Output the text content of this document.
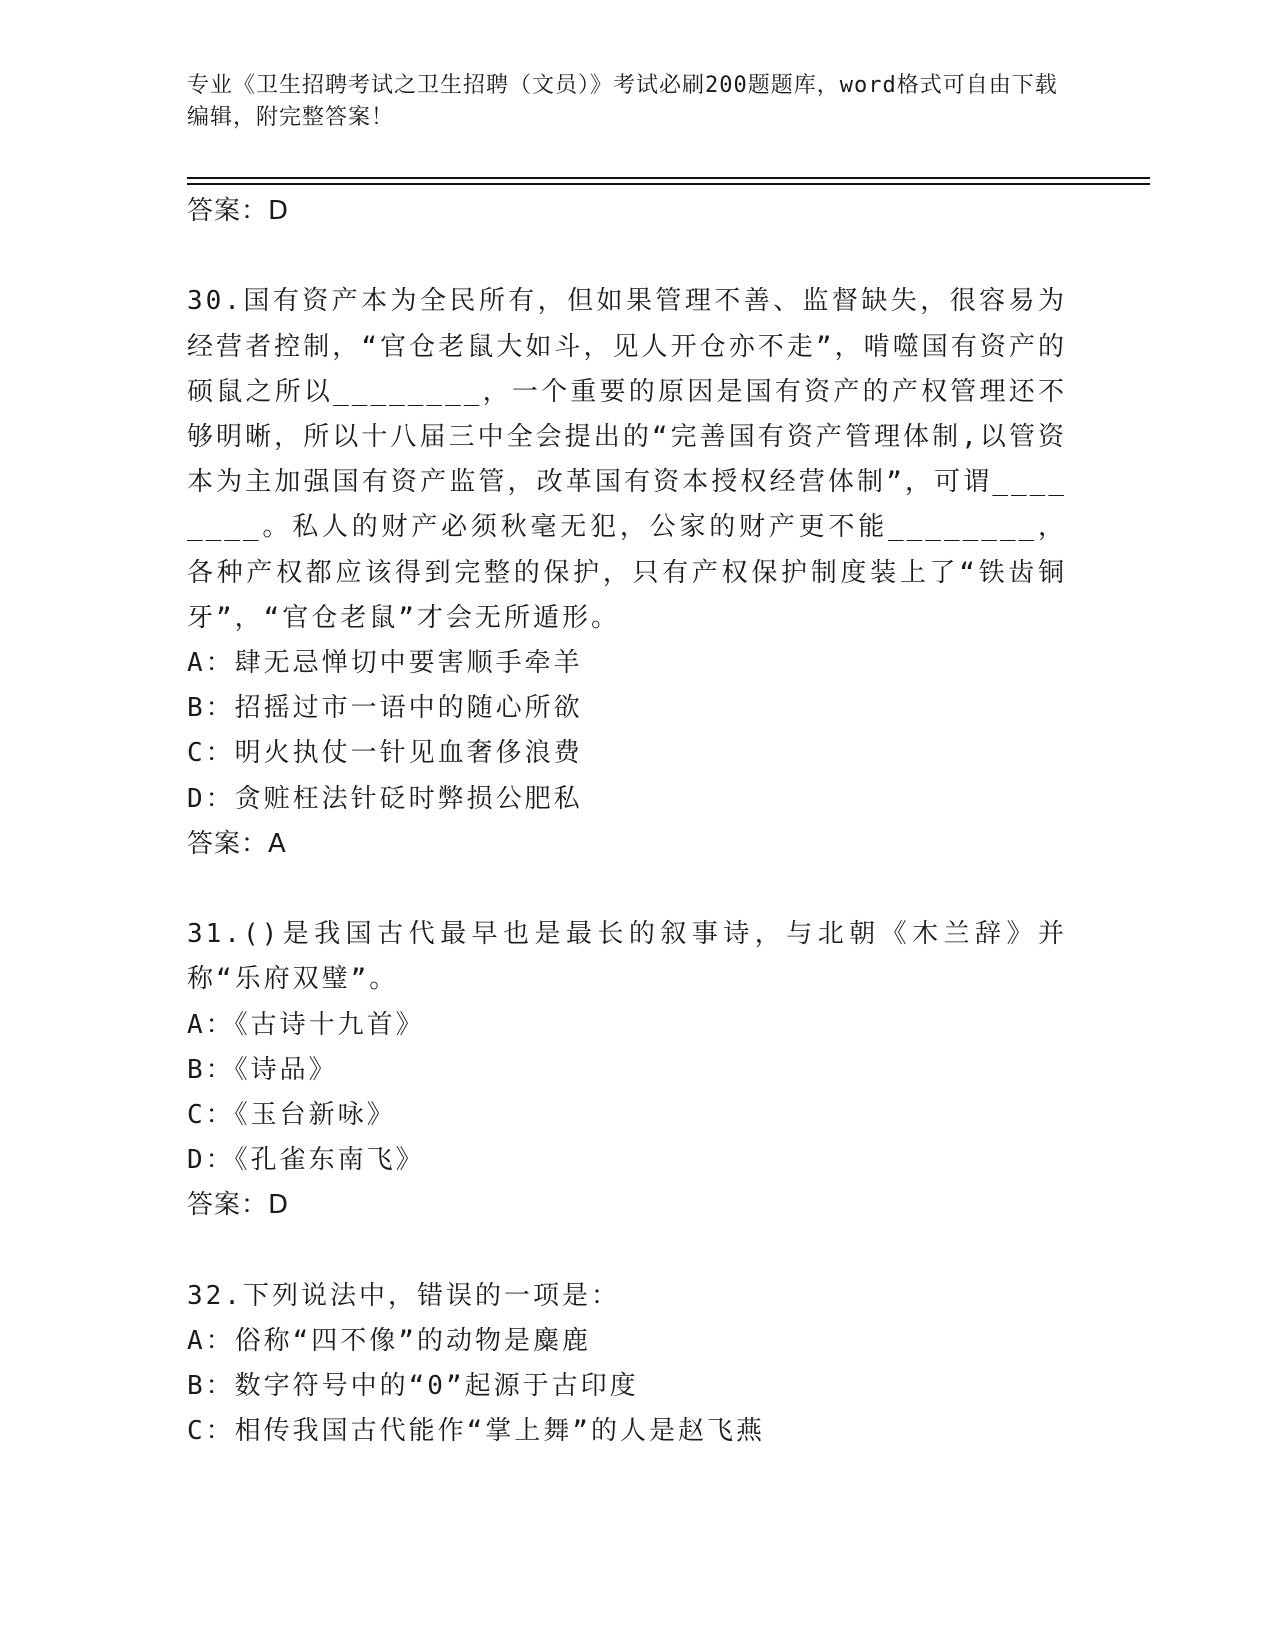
专业《卫生招聘考试之卫生招聘（文员）》考试必刷200题题库，word格式可自由下载编辑，附完整答案！
答案：D
30.国有资产本为全民所有，但如果管理不善、监督缺失，很容易为经营者控制，“官仓老鼠大如斗，见人开仓亦不走”，啃噬国有资产的硕鼠之所以________，一个重要的原因是国有资产的产权管理还不够明晰，所以十八届三中全会提出的“完善国有资产管理体制,以管资本为主加强国有资产监管，改革国有资本授权经营体制”，可谓________。私人的财产必须秋毫无犯，公家的财产更不能________，各种产权都应该得到完整的保护，只有产权保护制度装上了“铁齿铜牙”，“官仓老鼠”才会无所遁形。
A：肆无忌惮切中要害顺手牵羊
B：招摇过市一语中的随心所欲
C：明火执仗一针见血奢侈浪费
D：贪赃枉法针砭时弊损公肥私
答案：A
31.()是我国古代最早也是最长的叙事诗，与北朝《木兰辞》并称“乐府双璧”。
A：《古诗十九首》
B：《诗品》
C：《玉台新咏》
D：《孔雀东南飞》
答案：D
32.下列说法中，错误的一项是：
A：俗称“四不像”的动物是麋鹿
B：数字符号中的“0”起源于古印度
C：相传我国古代能作“掌上舞”的人是赵飞燕
